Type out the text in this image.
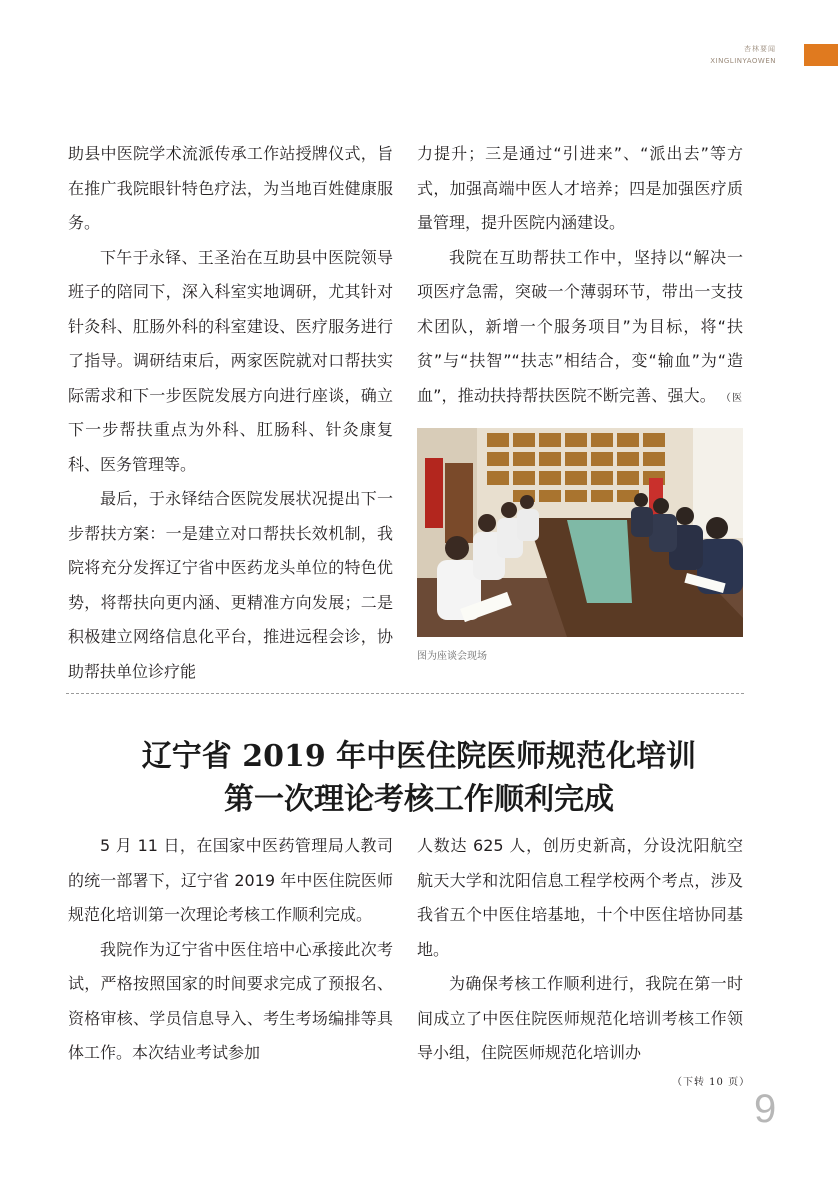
杏林要闻
XINGLINYAOWEN

助县中医院学术流派传承工作站授牌仪式，旨在推广我院眼针特色疗法，为当地百姓健康服务。

下午于永铎、王圣治在互助县中医院领导班子的陪同下，深入科室实地调研，尤其针对针灸科、肛肠外科的科室建设、医疗服务进行了指导。调研结束后，两家医院就对口帮扶实际需求和下一步医院发展方向进行座谈，确立下一步帮扶重点为外科、肛肠科、针灸康复科、医务管理等。

最后，于永铎结合医院发展状况提出下一步帮扶方案：一是建立对口帮扶长效机制，我院将充分发挥辽宁省中医药龙头单位的特色优势，将帮扶向更内涵、更精准方向发展；二是积极建立网络信息化平台，推进远程会诊，协助帮扶单位诊疗能

力提升；三是通过“引进来”、“派出去”等方式，加强高端中医人才培养；四是加强医疗质量管理，提升医院内涵建设。

我院在互助帮扶工作中，坚持以“解决一项医疗急需，突破一个薄弱环节，带出一支技术团队，新增一个服务项目”为目标，将“扶贫”与“扶智”“扶志”相结合，变“输血”为“造血”，推动扶持帮扶医院不断完善、强大。 （医

图为座谈会现场
辽宁省 2019 年中医住院医师规范化培训
第一次理论考核工作顺利完成

5 月 11 日，在国家中医药管理局人教司的统一部署下，辽宁省 2019 年中医住院医师规范化培训第一次理论考核工作顺利完成。

我院作为辽宁省中医住培中心承接此次考试，严格按照国家的时间要求完成了预报名、资格审核、学员信息导入、考生考场编排等具体工作。本次结业考试参加

人数达 625 人，创历史新高，分设沈阳航空航天大学和沈阳信息工程学校两个考点，涉及我省五个中医住培基地，十个中医住培协同基地。

为确保考核工作顺利进行，我院在第一时间成立了中医住院医师规范化培训考核工作领导小组，住院医师规范化培训办

（下转 10 页）
9
